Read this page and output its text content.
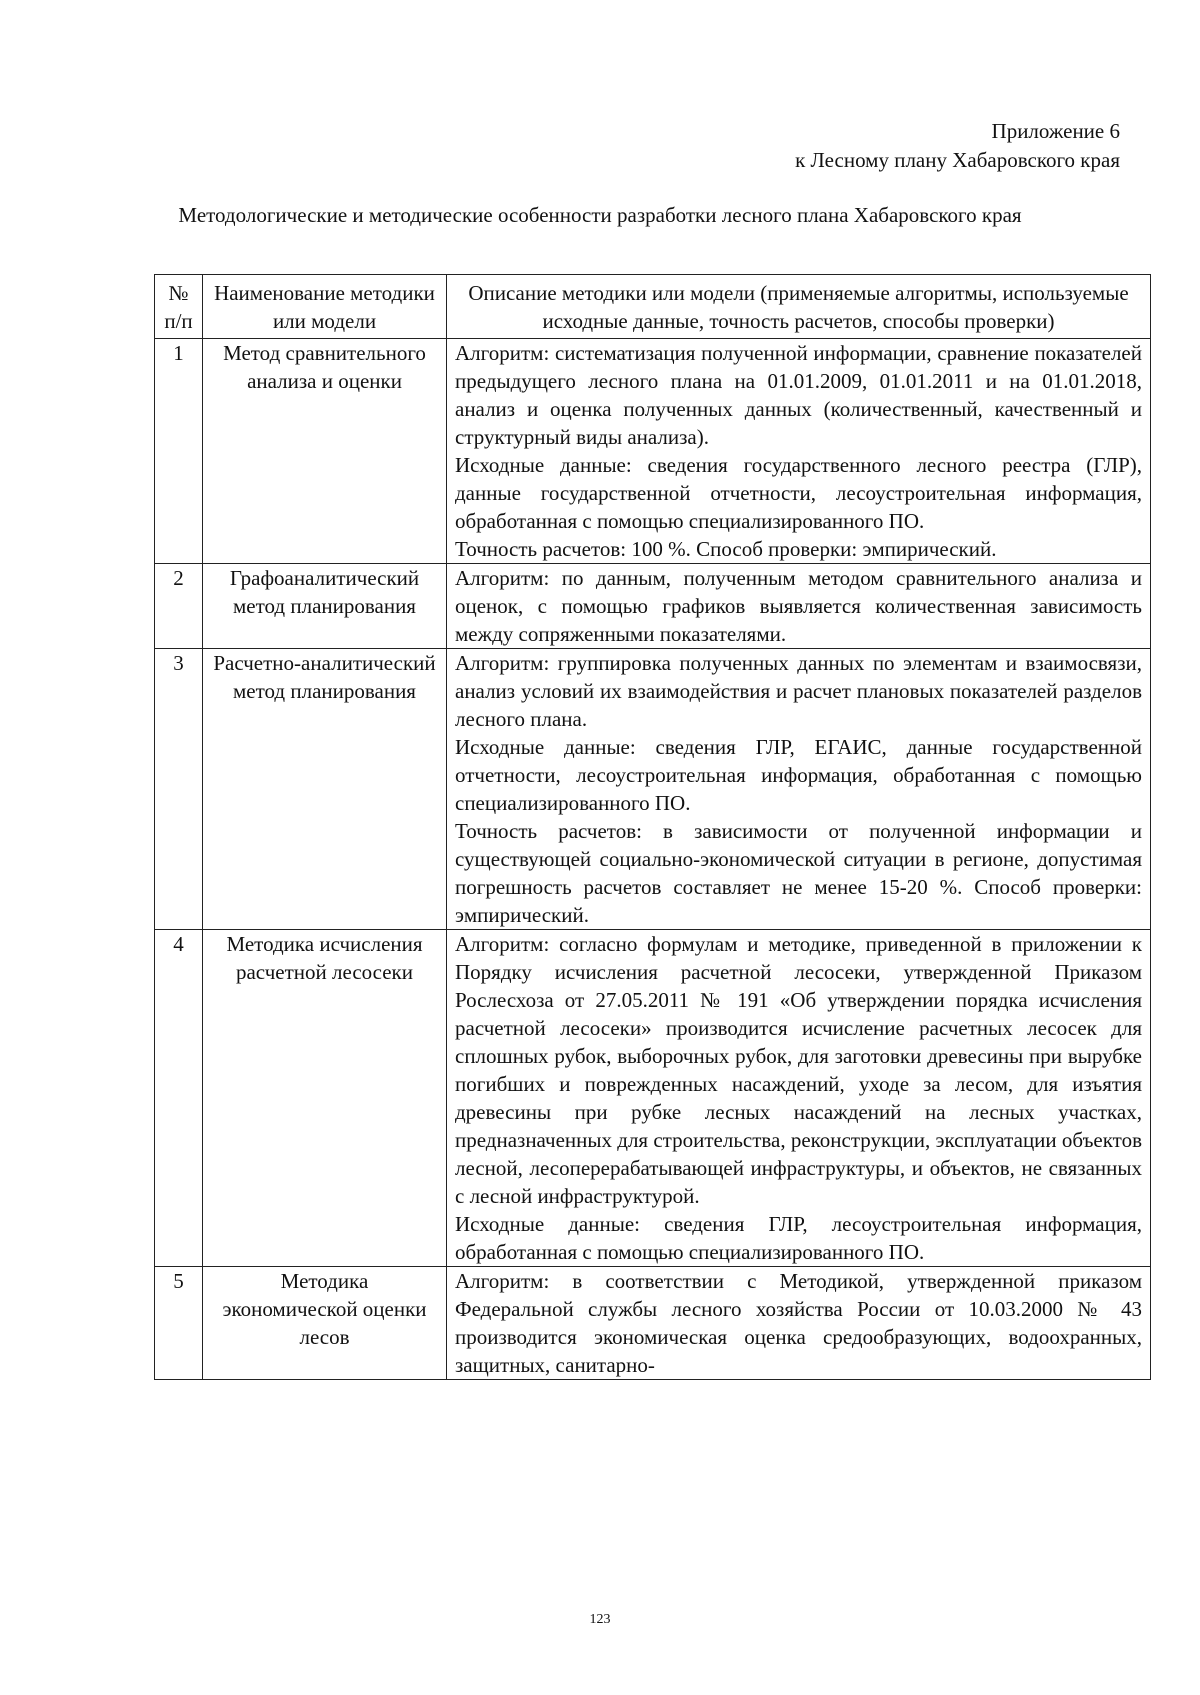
Приложение 6
к Лесному плану Хабаровского края
Методологические и методические особенности разработки лесного плана Хабаровского края
№ п/п	Наименование методики или модели	Описание методики или модели (применяемые алгоритмы, используемые исходные данные, точность расчетов, способы проверки)
1	Метод сравнительного анализа и оценки	Алгоритм: систематизация полученной информации, сравнение показателей предыдущего лесного плана на 01.01.2009, 01.01.2011 и на 01.01.2018, анализ и оценка полученных данных (количественный, качественный и структурный виды анализа).

Исходные данные: сведения государственного лесного реестра (ГЛР), данные государственной отчетности, лесоустроительная информация, обработанная с помощью специализированного ПО.

Точность расчетов: 100 %. Способ проверки: эмпирический.

2	Графоаналитический метод планирования	Алгоритм: по данным, полученным методом сравнительного анализа и оценок, с помощью графиков выявляется количественная зависимость между сопряженными показателями.

3	Расчетно-аналитический метод планирования	Алгоритм: группировка полученных данных по элементам и взаимосвязи, анализ условий их взаимодействия и расчет плановых показателей разделов лесного плана.

Исходные данные: сведения ГЛР, ЕГАИС, данные государственной отчетности, лесоустроительная информация, обработанная с помощью специализированного ПО.

Точность расчетов: в зависимости от полученной информации и существующей социально-экономической ситуации в регионе, допустимая погрешность расчетов составляет не менее 15-20 %. Способ проверки: эмпирический.

4	Методика исчисления расчетной лесосеки	Алгоритм: согласно формулам и методике, приведенной в приложении к Порядку исчисления расчетной лесосеки, утвержденной Приказом Рослесхоза от 27.05.2011 № 191 «Об утверждении порядка исчисления расчетной лесосеки» производится исчисление расчетных лесосек для сплошных рубок, выборочных рубок, для заготовки древесины при вырубке погибших и поврежденных насаждений, уходе за лесом, для изъятия древесины при рубке лесных насаждений на лесных участках, предназначенных для строительства, реконструкции, эксплуатации объектов лесной, лесоперерабатывающей инфраструктуры, и объектов, не связанных с лесной инфраструктурой.

Исходные данные: сведения ГЛР, лесоустроительная информация, обработанная с помощью специализированного ПО.

5	Методика экономической оценки лесов	Алгоритм: в соответствии с Методикой, утвержденной приказом Федеральной службы лесного хозяйства России от 10.03.2000 № 43 производится экономическая оценка средообразующих, водоохранных, защитных, санитарно-

123
